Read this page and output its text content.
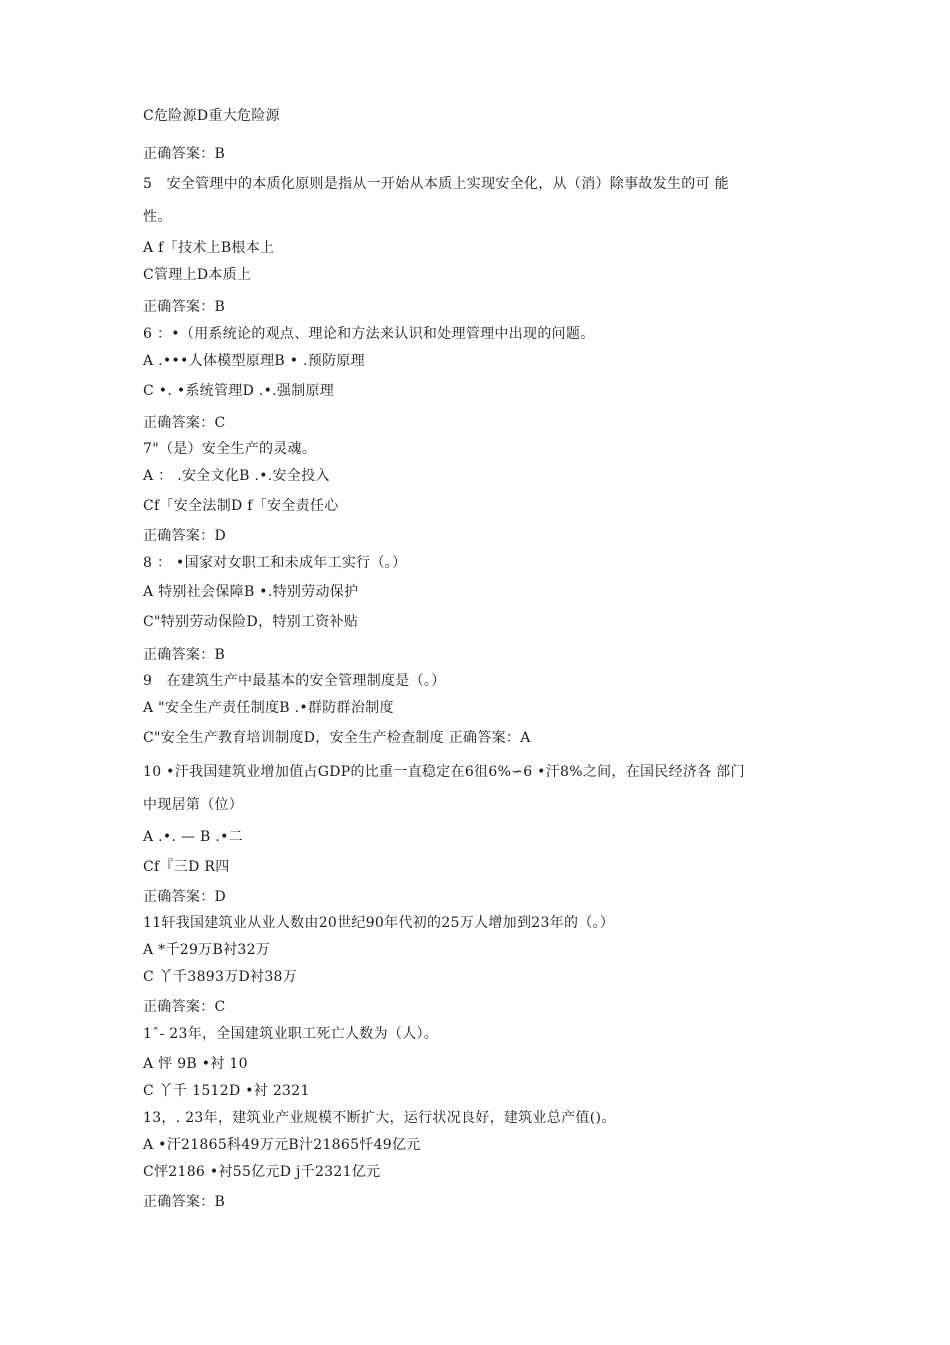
C危险源D重大危险源
正确答案：B
5　安全管理中的本质化原则是指从一开始从本质上实现安全化，从（消）除事故发生的可 能
性。
A f「技术上B根本上
C管理上D本质上
正确答案：B
6 ：•（用系统论的观点、理论和方法来认识和处理管理中出现的问题。
A .•••人体模型原理B • .预防原理
C •. •系统管理D .•.强制原理
正确答案：C
7"（是）安全生产的灵魂。
A ： .安全文化B .•.安全投入
Cf「安全法制D f「安全责任心
正确答案：D
8 ： •国家对女职工和未成年工实行（。）
A 特别社会保障B •.特别劳动保护
C"特别劳动保险D，特别工资补贴
正确答案：B
9　在建筑生产中最基本的安全管理制度是（。）
A "安全生产责任制度B .•群防群治制度
C"安全生产教育培训制度D，安全生产检查制度 正确答案：A
10 •汗我国建筑业增加值占GDP的比重一直稳定在6徂6%∽6 •汗8%之间，在国民经济各 部门
中现居第（位）
A .•. — B .•二
Cf『三D R四
正确答案：D
11轩我国建筑业从业人数由20世纪90年代初的25万人增加到23年的（。）
A *千29万B衬32万
C 丫千3893万D衬38万
正确答案：C
1ˆ- 23年，全国建筑业职工死亡人数为（人）。
A 怦 9B •衬 10
C 丫千 1512D •衬 2321
13，. 23年，建筑业产业规模不断扩大，运行状况良好，建筑业总产值()。
A •汗21865科49万元B汁21865忏49亿元
C怦2186 •衬55亿元D j千2321亿元
正确答案：B
